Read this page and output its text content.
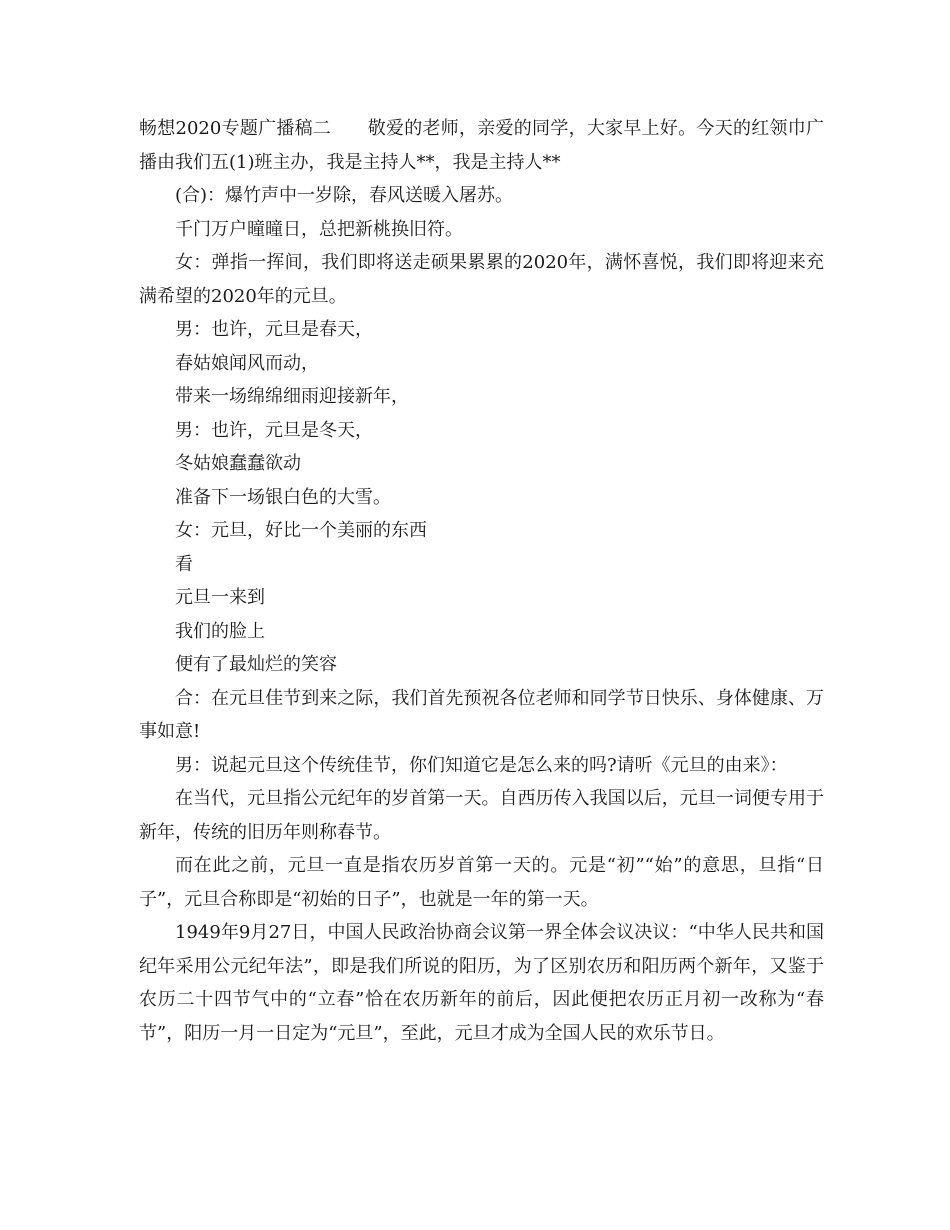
畅想2020专题广播稿二　　敬爱的老师，亲爱的同学，大家早上好。今天的红领巾广播由我们五(1)班主办，我是主持人**，我是主持人**

(合)：爆竹声中一岁除，春风送暖入屠苏。

千门万户曈曈日，总把新桃换旧符。

女：弹指一挥间，我们即将送走硕果累累的2020年，满怀喜悦，我们即将迎来充满希望的2020年的元旦。

男：也许，元旦是春天，

春姑娘闻风而动，

带来一场绵绵细雨迎接新年，

男：也许，元旦是冬天，

冬姑娘蠢蠢欲动

准备下一场银白色的大雪。

女：元旦，好比一个美丽的东西

看

元旦一来到

我们的脸上

便有了最灿烂的笑容

合：在元旦佳节到来之际，我们首先预祝各位老师和同学节日快乐、身体健康、万事如意!

男：说起元旦这个传统佳节，你们知道它是怎么来的吗?请听《元旦的由来》：

在当代，元旦指公元纪年的岁首第一天。自西历传入我国以后，元旦一词便专用于新年，传统的旧历年则称春节。

而在此之前，元旦一直是指农历岁首第一天的。元是“初”“始”的意思，旦指“日子”，元旦合称即是“初始的日子”，也就是一年的第一天。

1949年9月27日，中国人民政治协商会议第一界全体会议决议：“中华人民共和国纪年采用公元纪年法”，即是我们所说的阳历，为了区别农历和阳历两个新年，又鉴于农历二十四节气中的“立春”恰在农历新年的前后，因此便把农历正月初一改称为“春节”，阳历一月一日定为“元旦”，至此，元旦才成为全国人民的欢乐节日。
